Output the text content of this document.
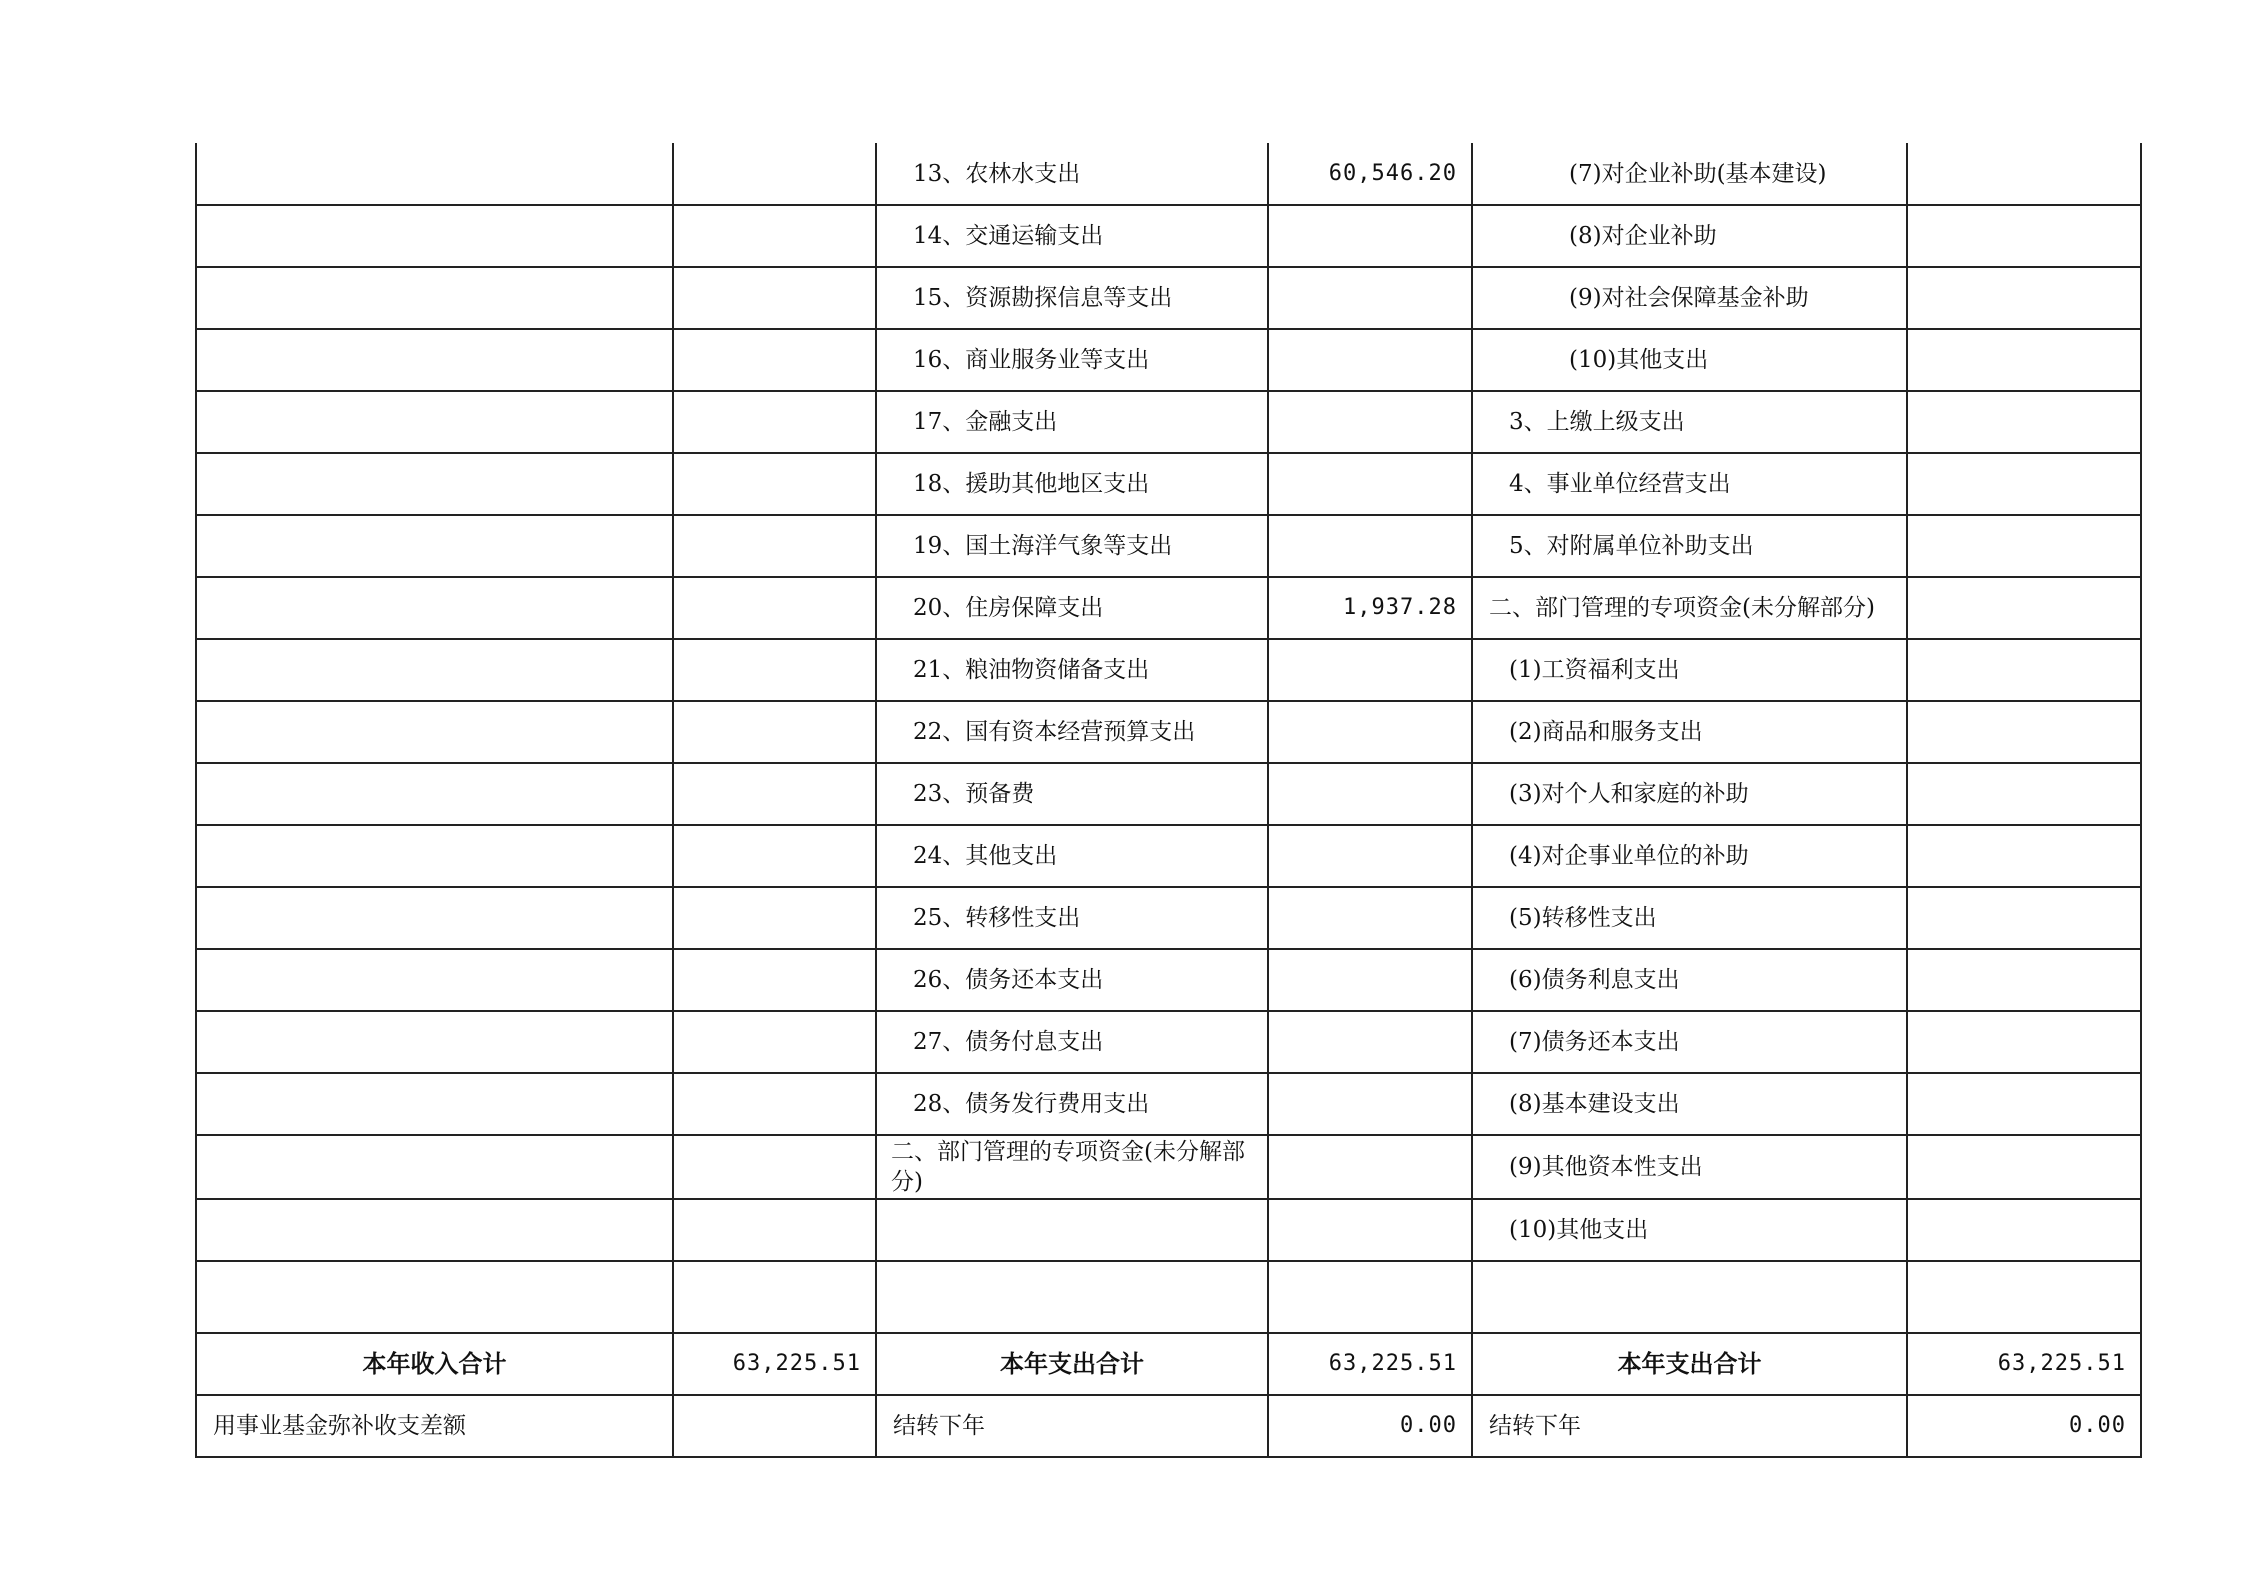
		13、农林水支出	60,546.20	(7)对企业补助(基本建设)	
		14、交通运输支出		(8)对企业补助	
		15、资源勘探信息等支出		(9)对社会保障基金补助	
		16、商业服务业等支出		(10)其他支出	
		17、金融支出		3、上缴上级支出	
		18、援助其他地区支出		4、事业单位经营支出	
		19、国土海洋气象等支出		5、对附属单位补助支出	
		20、住房保障支出	1,937.28	二、部门管理的专项资金(未分解部分)	
		21、粮油物资储备支出		(1)工资福利支出	
		22、国有资本经营预算支出		(2)商品和服务支出	
		23、预备费		(3)对个人和家庭的补助	
		24、其他支出		(4)对企事业单位的补助	
		25、转移性支出		(5)转移性支出	
		26、债务还本支出		(6)债务利息支出	
		27、债务付息支出		(7)债务还本支出	
		28、债务发行费用支出		(8)基本建设支出	
		二、部门管理的专项资金(未分解部分)		(9)其他资本性支出	
				(10)其他支出	

本年收入合计	63,225.51	本年支出合计	63,225.51	本年支出合计	63,225.51
用事业基金弥补收支差额		结转下年	0.00	结转下年	0.00
